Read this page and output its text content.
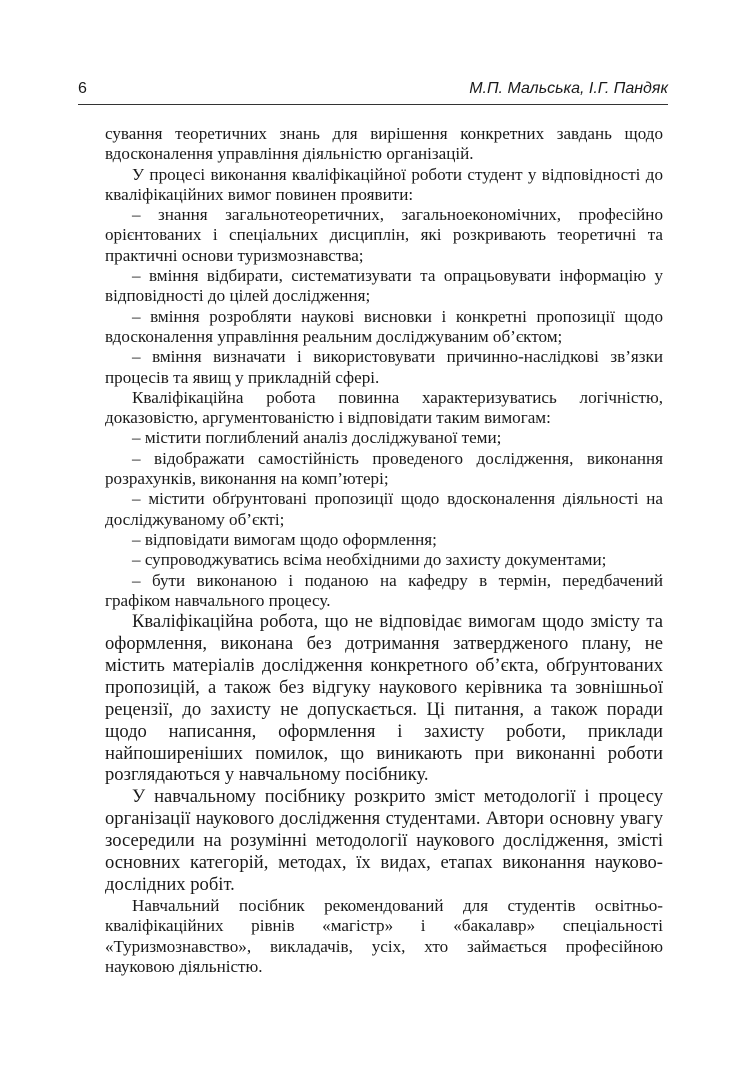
6	М.П. Мальська, І.Г. Пандяк

сування теоретичних знань для вирішення конкретних завдань щодо вдосконалення управління діяльністю організацій.

У процесі виконання кваліфікаційної роботи студент у відповідності до кваліфікаційних вимог повинен проявити:

– знання загальнотеоретичних, загальноекономічних, професійно орієнтованих і спеціальних дисциплін, які розкривають теоретичні та практичні основи туризмознавства;

– вміння відбирати, систематизувати та опрацьовувати інформацію у відповідності до цілей дослідження;

– вміння розробляти наукові висновки і конкретні пропозиції щодо вдосконалення управління реальним досліджуваним об’єктом;

– вміння визначати і використовувати причинно-наслідкові зв’язки процесів та явищ у прикладній сфері.

Кваліфікаційна робота повинна характеризуватись логічністю, доказовістю, аргументованістю і відповідати таким вимогам:

– містити поглиблений аналіз досліджуваної теми;

– відображати самостійність проведеного дослідження, виконання розрахунків, виконання на комп’ютері;

– містити обґрунтовані пропозиції щодо вдосконалення діяльності на досліджуваному об’єкті;

– відповідати вимогам щодо оформлення;

– супроводжуватись всіма необхідними до захисту документами;

– бути виконаною і поданою на кафедру в термін, передбачений графіком навчального процесу.

Кваліфікаційна робота, що не відповідає вимогам щодо змісту та оформлення, виконана без дотримання затвердженого плану, не містить матеріалів дослідження конкретного об’єкта, обґрунтованих пропозицій, а також без відгуку наукового керівника та зовнішньої рецензії, до захисту не допускається. Ці питання, а також поради щодо написання, оформлення і захисту роботи, приклади найпоширеніших помилок, що виникають при виконанні роботи розглядаються у навчальному посібнику.

У навчальному посібнику розкрито зміст методології і процесу організації наукового дослідження студентами. Автори основну увагу зосередили на розумінні методології наукового дослідження, змісті основних категорій, методах, їх видах, етапах виконання науково-дослідних робіт.

Навчальний посібник рекомендований для студентів освітньо-кваліфікаційних рівнів «магістр» і «бакалавр» спеціальності «Туризмознавство», викладачів, усіх, хто займається професійною науковою діяльністю.
